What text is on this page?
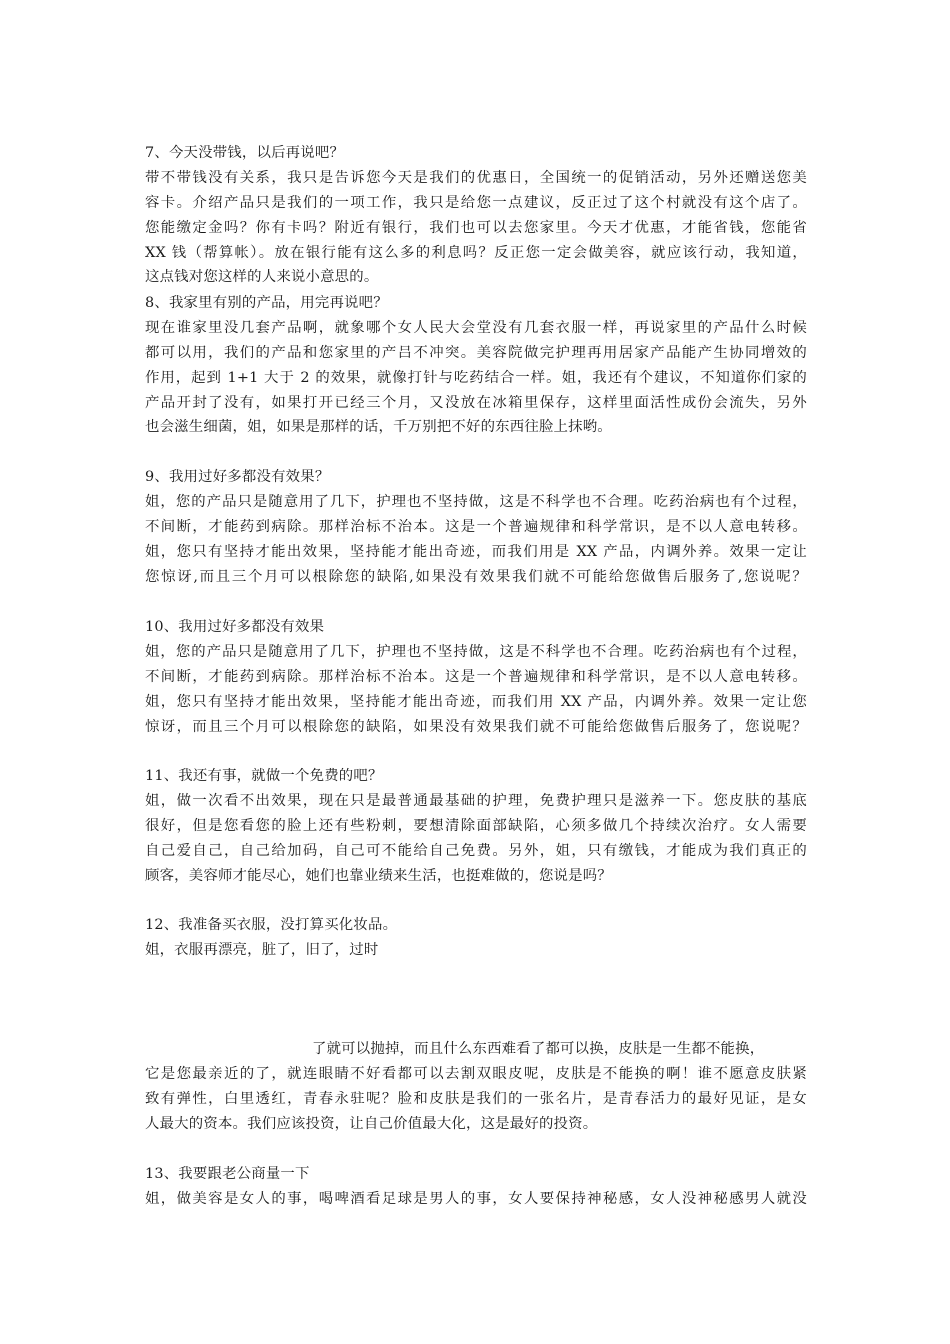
7、今天没带钱，以后再说吧？
带不带钱没有关系，我只是告诉您今天是我们的优惠日，全国统一的促销活动，另外还赠送您美
容卡。介绍产品只是我们的一项工作，我只是给您一点建议，反正过了这个村就没有这个店了。
您能缴定金吗？你有卡吗？附近有银行，我们也可以去您家里。今天才优惠，才能省钱，您能省
XX 钱（帮算帐）。放在银行能有这么多的利息吗？反正您一定会做美容，就应该行动，我知道，
这点钱对您这样的人来说小意思的。
8、我家里有别的产品，用完再说吧？
现在谁家里没几套产品啊，就象哪个女人民大会堂没有几套衣服一样，再说家里的产品什么时候
都可以用，我们的产品和您家里的产吕不冲突。美容院做完护理再用居家产品能产生协同增效的
作用，起到 1+1 大于 2 的效果，就像打针与吃药结合一样。姐，我还有个建议，不知道你们家的
产品开封了没有，如果打开已经三个月，又没放在冰箱里保存，这样里面活性成份会流失，另外
也会滋生细菌，姐，如果是那样的话，千万别把不好的东西往脸上抹哟。
9、我用过好多都没有效果？
姐，您的产品只是随意用了几下，护理也不坚持做，这是不科学也不合理。吃药治病也有个过程，
不间断，才能药到病除。那样治标不治本。这是一个普遍规律和科学常识，是不以人意电转移。
姐，您只有坚持才能出效果，坚持能才能出奇迹，而我们用是 XX 产品，内调外养。效果一定让
您惊讶,而且三个月可以根除您的缺陷,如果没有效果我们就不可能给您做售后服务了,您说呢？
10、我用过好多都没有效果
姐，您的产品只是随意用了几下，护理也不坚持做，这是不科学也不合理。吃药治病也有个过程，
不间断，才能药到病除。那样治标不治本。这是一个普遍规律和科学常识，是不以人意电转移。
姐，您只有坚持才能出效果，坚持能才能出奇迹，而我们用 XX 产品，内调外养。效果一定让您
惊讶，而且三个月可以根除您的缺陷，如果没有效果我们就不可能给您做售后服务了，您说呢？
11、我还有事，就做一个免费的吧？
姐，做一次看不出效果，现在只是最普通最基础的护理，免费护理只是滋养一下。您皮肤的基底
很好，但是您看您的脸上还有些粉刺，要想清除面部缺陷，心须多做几个持续次治疗。女人需要
自己爱自己，自己给加码，自己可不能给自己免费。另外，姐，只有缴钱，才能成为我们真正的
顾客，美容师才能尽心，她们也靠业绩来生活，也挺难做的，您说是吗？
12、我准备买衣服，没打算买化妆品。
姐，衣服再漂亮，脏了，旧了，过时
了就可以抛掉，而且什么东西难看了都可以换，皮肤是一生都不能换，
它是您最亲近的了，就连眼睛不好看都可以去割双眼皮呢，皮肤是不能换的啊！谁不愿意皮肤紧
致有弹性，白里透红，青春永驻呢？脸和皮肤是我们的一张名片，是青春活力的最好见证，是女
人最大的资本。我们应该投资，让自己价值最大化，这是最好的投资。
13、我要跟老公商量一下
姐，做美容是女人的事，喝啤酒看足球是男人的事，女人要保持神秘感，女人没神秘感男人就没
